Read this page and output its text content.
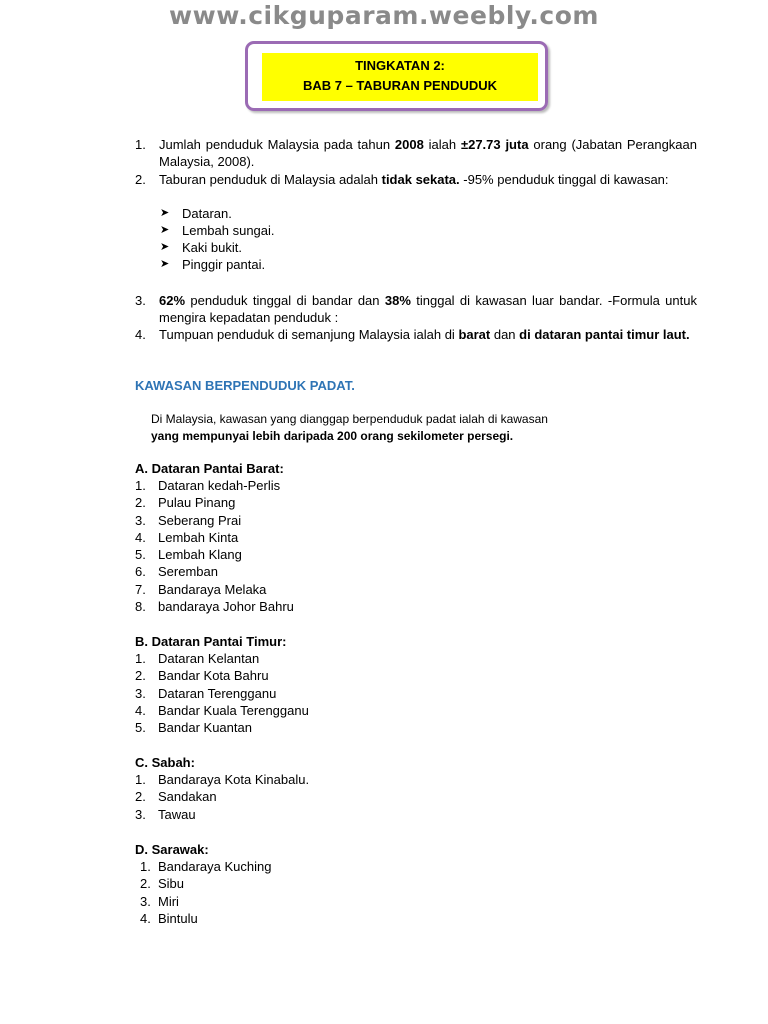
www.cikguparam.weebly.com
TINGKATAN 2:
BAB 7 – TABURAN PENDUDUK
1.	Jumlah penduduk Malaysia pada tahun 2008 ialah ±27.73 juta orang (Jabatan Perangkaan Malaysia, 2008).
2.	Taburan penduduk di Malaysia adalah tidak sekata. -95% penduduk tinggal di kawasan:
➤ Dataran.
➤ Lembah sungai.
➤ Kaki bukit.
➤ Pinggir pantai.
3.	62% penduduk tinggal di bandar dan 38% tinggal di kawasan luar bandar. -Formula untuk mengira kepadatan penduduk :
4.	Tumpuan penduduk di semanjung Malaysia ialah di barat dan di dataran pantai timur laut.
KAWASAN BERPENDUDUK PADAT.
Di Malaysia, kawasan yang dianggap berpenduduk padat ialah di kawasan
yang mempunyai lebih daripada 200 orang sekilometer persegi.
A. Dataran Pantai Barat:
1. Dataran kedah-Perlis
2. Pulau Pinang
3. Seberang Prai
4. Lembah Kinta
5. Lembah Klang
6. Seremban
7. Bandaraya Melaka
8. bandaraya Johor Bahru
B. Dataran Pantai Timur:
1. Dataran Kelantan
2. Bandar Kota Bahru
3. Dataran Terengganu
4. Bandar Kuala Terengganu
5. Bandar Kuantan
C. Sabah:
1. Bandaraya Kota Kinabalu.
2. Sandakan
3. Tawau
D. Sarawak:
1. Bandaraya Kuching
2. Sibu
3. Miri
4. Bintulu
